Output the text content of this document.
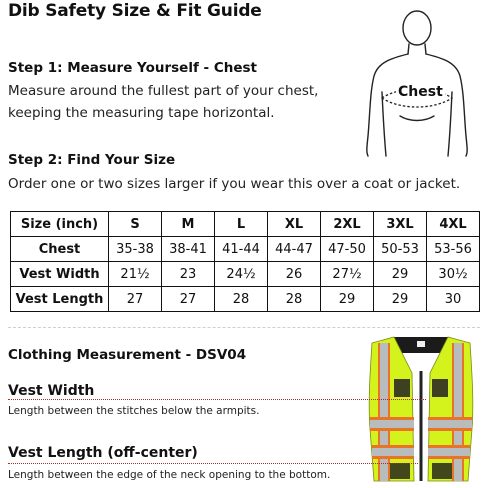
Dib Safety Size & Fit Guide
Step 1: Measure Yourself - Chest
Measure around the fullest part of your chest,
keeping the measuring tape horizontal.
Chest
Step 2: Find Your Size
Order one or two sizes larger if you wear this over a coat or jacket.
Size (inch)	S	M	L	XL	2XL	3XL	4XL
Chest	35-38	38-41	41-44	44-47	47-50	50-53	53-56
Vest Width	21½	23	24½	26	27½	29	30½
Vest Length	27	27	28	28	29	29	30
Clothing Measurement - DSV04
Vest Width
Length between the stitches below the armpits.
Vest Length (off-center)
Length between the edge of the neck opening to the bottom.
